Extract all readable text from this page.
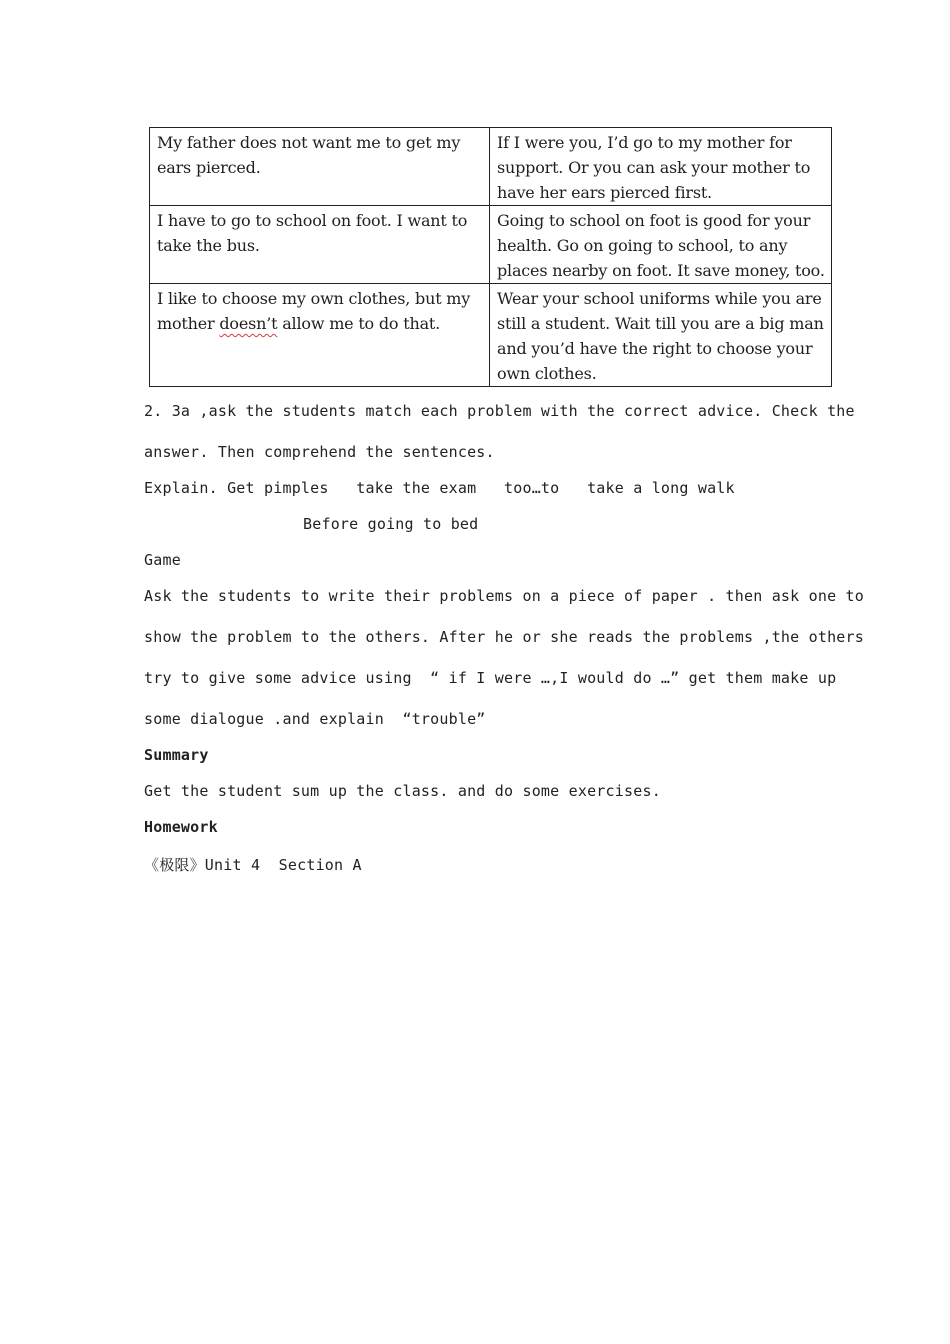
My father does not want me to get my ears pierced.	If I were you, I’d go to my mother for support. Or you can ask your mother to have her ears pierced first.
I have to go to school on foot. I want to take the bus.	Going to school on foot is good for your health. Go on going to school, to any places nearby on foot. It save money, too.
I like to choose my own clothes, but my mother doesn’t allow me to do that.	Wear your school uniforms while you are still a student. Wait till you are a big man and you’d have the right to choose your own clothes.
2. 3a ,ask the students match each problem with the correct advice. Check the
answer. Then comprehend the sentences.
Explain. Get pimples   take the exam   too…to   take a long walk
Before going to bed
Game
Ask the students to write their problems on a piece of paper . then ask one to
show the problem to the others. After he or she reads the problems ,the others
try to give some advice using  “ if I were …,I would do …” get them make up
some dialogue .and explain  “trouble”
Summary
Get the student sum up the class. and do some exercises.
Homework
《极限》Unit 4  Section A
